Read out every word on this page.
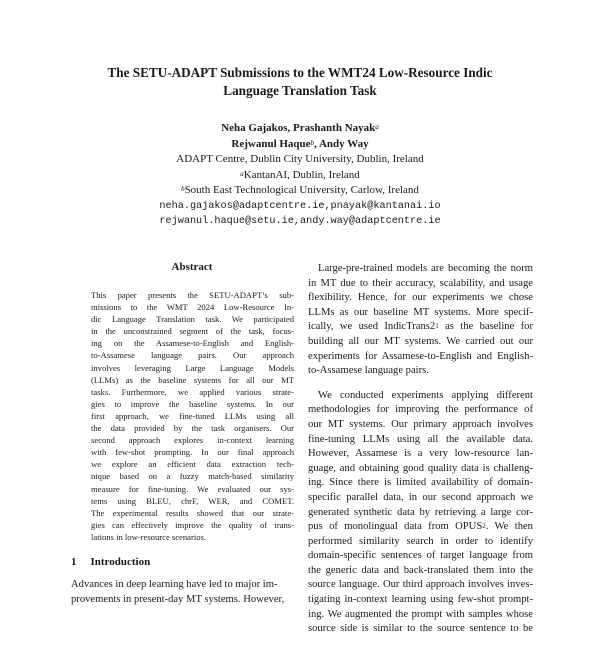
The SETU-ADAPT Submissions to the WMT24 Low-Resource Indic
Language Translation Task
Neha Gajakos, Prashanth Nayak$^a$
Rejwanul Haque$^b$, Andy Way
ADAPT Centre, Dublin City University, Dublin, Ireland
$^a$KantanAI, Dublin, Ireland
$^b$South East Technological University, Carlow, Ireland
neha.gajakos@adaptcentre.ie,pnayak@kantanai.io
rejwanul.haque@setu.ie,andy.way@adaptcentre.ie
Abstract
This paper presents the SETU-ADAPT’s sub-
missions to the WMT 2024 Low-Resource In-
dic Language Translation task. We participated
in the unconstrained segment of the task, focus-
ing on the Assamese-to-English and English-
to-Assamese language pairs. Our approach
involves leveraging Large Language Models
(LLMs) as the baseline systems for all our MT
tasks. Furthermore, we applied various strate-
gies to improve the baseline systems. In our
first approach, we fine-tuned LLMs using all
the data provided by the task organisers. Our
second approach explores in-context learning
with few-shot prompting. In our final approach
we explore an efficient data extraction tech-
nique based on a fuzzy match-based similarity
measure for fine-tuning. We evaluated our sys-
tems using BLEU, chrF, WER, and COMET.
The experimental results showed that our strate-
gies can effectively improve the quality of trans-
lations in low-resource scenarios.
1 Introduction
Advances in deep learning have led to major im-
provements in present-day MT systems. However,

Large-pre-trained models are becoming the norm
in MT due to their accuracy, scalability, and usage
flexibility. Hence, for our experiments we chose
LLMs as our baseline MT systems. More specif-
ically, we used $IndicTrans2^1$ as the baseline for
building all our MT systems. We carried out our
experiments for Assamese-to-English and English-
to-Assamese language pairs.

We conducted experiments applying different
methodologies for improving the performance of
our MT systems. Our primary approach involves
fine-tuning LLMs using all the available data.
However, Assamese is a very low-resource lan-
guage, and obtaining good quality data is challeng-
ing. Since there is limited availability of domain-
specific parallel data, in our second approach we
generated synthetic data by retrieving a large cor-
pus of monolingual data from OPUS$^2$. We then
performed similarity search in order to identify
domain-specific sentences of target language from
the generic data and back-translated them into the
source language. Our third approach involves inves-
tigating in-context learning using few-shot prompt-
ing. We augmented the prompt with samples whose
source side is similar to the source sentence to be
